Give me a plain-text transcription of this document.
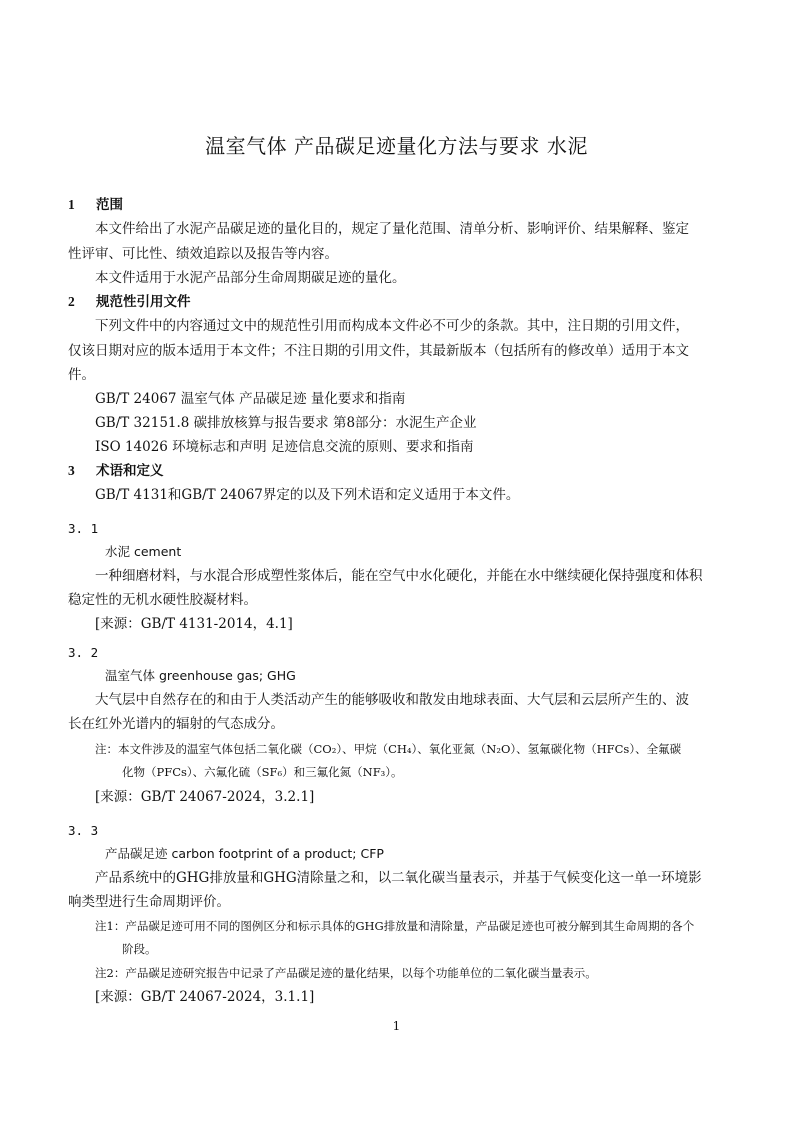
温室气体 产品碳足迹量化方法与要求 水泥
1 范围
本文件给出了水泥产品碳足迹的量化目的，规定了量化范围、清单分析、影响评价、结果解释、鉴定
性评审、可比性、绩效追踪以及报告等内容。
本文件适用于水泥产品部分生命周期碳足迹的量化。
2 规范性引用文件
下列文件中的内容通过文中的规范性引用而构成本文件必不可少的条款。其中，注日期的引用文件，
仅该日期对应的版本适用于本文件；不注日期的引用文件，其最新版本（包括所有的修改单）适用于本文
件。
GB/T 24067 温室气体 产品碳足迹 量化要求和指南
GB/T 32151.8 碳排放核算与报告要求 第8部分：水泥生产企业
ISO 14026 环境标志和声明 足迹信息交流的原则、要求和指南
3 术语和定义
GB/T 4131和GB/T 24067界定的以及下列术语和定义适用于本文件。
3. 1
水泥 cement
一种细磨材料，与水混合形成塑性浆体后，能在空气中水化硬化，并能在水中继续硬化保持强度和体积
稳定性的无机水硬性胶凝材料。
[来源：GB/T 4131-2014，4.1]
3. 2
温室气体 greenhouse gas; GHG
大气层中自然存在的和由于人类活动产生的能够吸收和散发由地球表面、大气层和云层所产生的、波
长在红外光谱内的辐射的气态成分。
注：本文件涉及的温室气体包括二氧化碳（CO₂）、甲烷（CH₄）、氧化亚氮（N₂O）、氢氟碳化物（HFCs）、全氟碳
化物（PFCs）、六氟化硫（SF₆）和三氟化氮（NF₃）。
[来源：GB/T 24067-2024，3.2.1]
3. 3
产品碳足迹 carbon footprint of a product; CFP
产品系统中的GHG排放量和GHG清除量之和，以二氧化碳当量表示，并基于气候变化这一单一环境影
响类型进行生命周期评价。
注1：产品碳足迹可用不同的图例区分和标示具体的GHG排放量和清除量，产品碳足迹也可被分解到其生命周期的各个
阶段。
注2：产品碳足迹研究报告中记录了产品碳足迹的量化结果，以每个功能单位的二氧化碳当量表示。
[来源：GB/T 24067-2024，3.1.1]
1
